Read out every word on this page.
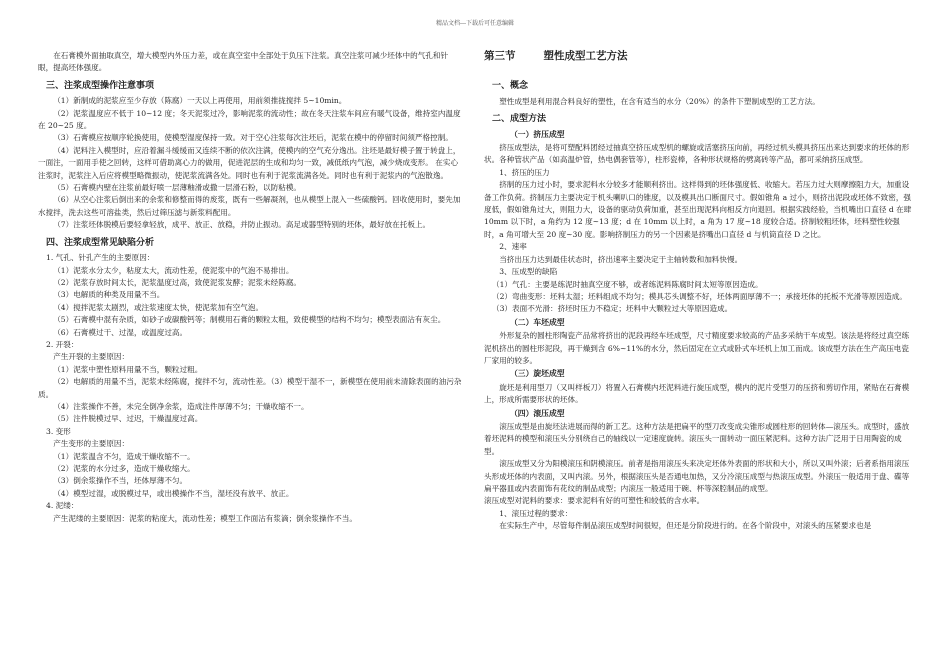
精品文档---下载后可任意编辑

在石膏模外面抽取真空，增大模型内外压力差，或在真空室中全部处于负压下注浆。真空注浆可减少坯体中的气孔和针眼，提高坯体强度。

三、注浆成型操作注意事项

（1）新制成的泥浆应至少存放（陈腐）一天以上再使用，用前须推拢搅拌 5~10min。

（2）泥浆温度应不低于 10~12 度；冬天泥浆过冷，影响泥浆的流动性；故在冬天注浆车间应有暖气设备，维持室内温度在 20~25 度。

（3）石膏模应按顺序轮换使用，使模型湿度保持一致。对于空心注浆每次注坯后，泥浆在模中的停留时间须严格控制。

（4）泥料注入模型时，应沿着漏斗缓缓而又连续不断的依次注满，使模内的空气充分逸出。注坯是最好模子置于转盘上，一面注，一面用手使之回转，这样可借助离心力的做用，促进泥层的生成和均匀一致，减低纸内气泡，减少烧成变形。 在实心注浆时，泥浆注入后应将模型略微振动，使泥浆流满各处。同时也有利于泥浆流满各处。同时也有利于泥浆内的气泡散逸。

（5）石膏模内壁在注浆前最好喷一层薄釉滑或撒一层滑石粉，以防粘模。

（6）从空心注浆后倒出来的余浆和修整而得的废浆，既有一些解凝剂，也从模型上混入一些硫酸钙。回收使用时，要先加水搅拌，洗去这些可溶盐类，然后过筛压滤与新浆料配用。

（7）注浆坯体脱模后要轻拿轻放，成平、放正、放稳，并防止振动。高足或器型特别的坯体，最好放在托板上。

四、注浆成型常见缺陷分析

1. 气孔、针孔产生的主要原因：

（1）泥浆水分太少，粘度太大，流动性差，使泥浆中的气泡不易排出。

（2）泥浆存放时间太长，泥浆温度过高，致使泥浆发酵；泥浆未经陈腐。

（3）电解质的种类及用量不当。

（4）搅拌泥浆太剧烈，或注浆速度太快，使泥浆加有空气泡。

（5）石膏模中混有杂质，如砂子或碳酸钙等；制模用石膏的颗粒太粗，致使模型的结构不均匀；模型表面沾有灰尘。

（6）石膏模过干、过湿，或温度过高。

2. 开裂：

产生开裂的主要原因：

（1）泥浆中塑性原料用量不当，颗粒过粗。

（2）电解质的用量不当，泥浆未经陈腐，搅拌不匀，流动性差。（3）模型干湿不一，新模型在使用前未清除表面的油污杂质。

（4）注浆操作不善，未完全倒净余浆，造成注件厚薄不匀；干燥收缩不一。

（5）注件脱模过早、过迟，干燥温度过高。

3. 变形

产生变形的主要原因：

（1）泥浆温含不匀，造成干燥收缩不一。

（2）泥浆的水分过多，造成干燥收缩大。

（3）倒余浆操作不当，坯体厚薄不匀。

（4）模型过湿，或脱模过早，或出模操作不当，湿坯没有放平、放正。

4. 泥缕：

产生泥缕的主要原因：泥浆的粘度大，流动性差；模型工作面沾有浆滴；倒余浆操作不当。

第三节	塑性成型工艺方法
一、概念

塑性成型是利用混合料良好的塑性，在含有适当的水分（20%）的条件下塑制成型的工艺方法。

二、成型方法
（一）挤压成型

挤压成型法，是将可塑配料团经过抽真空挤压成型机的螺旋或活塞挤压向前，再经过机头模具挤压出来达到要求的坯体的形状。各种管状产品（如高温炉管，热电偶套管等），柱形瓷棒，各种形状规格的劈离砖等产品，都可采纳挤压成型。

1、挤压的压力

挤制的压力过小时，要求泥料水分较多才能顺利挤出。这样得到的坯体强度低、收缩大。若压力过大则摩擦阻力大，加重设备工作负荷。挤制压力主要决定于机头喇叭口的锥度，以及模具出口断面尺寸。假如锥角 a 过小，则挤出泥段或坯体不致密，强度低，假如锥角过大，则阻力大，设备的驱动负荷加重，甚至出现泥料向相反方向退回。根据实践经验，当机嘴出口直径 d 在肆 10mm 以下时，a 角约为 12 度~13 度；d 在 10mm 以上时，a 角为 17 度~18 度较合适。挤制较粗坯体，坯料塑性较强时，a 角可增大至 20 度~30 度。影响挤制压力的另一个因素是挤嘴出口直径 d 与机筒直径 D 之比。

2、速率

当挤出压力达到最佳状态时，挤出速率主要决定于主轴转数和加料快慢。

3、压成型的缺陷

（1）气孔：主要是练泥时抽真空度不够，或者练泥料陈腐时间太短等原因造成。

（2）弯曲变形：坯料太湿；坯料组成不均匀；模具芯头调整不好，坯体两面厚薄不一；承接坯体的托板不光滑等原因造成。

（3）表面不光滑：挤坯时压力不稳定；坯料中大颗粒过大等原因造成。

（二）车坯成型

外形复杂的圆柱形陶瓷产品常将挤出的泥段再经车坯成型，尺寸精度要求较高的产品多采纳干车成型。该法是将经过真空练泥机挤出的圆柱形泥段，再干燥到含 6%~11%的水分，然后固定在立式或卧式车坯机上加工而成。该成型方法在生产高压电瓷厂家用的较多。

（三）旋坯成型

旋坯是利用型刀（又叫样板刀）将置入石膏模内坯泥料进行旋压成型，模内的泥片受型刀的压挤和剪切作用，紧贴在石膏模上，形成所需要形状的坯体。

（四）滚压成型

滚压成型是由旋坯法进展而得的新工艺。这种方法是把扁平的型刀改变成尖锥形或圆柱形的回转体—滚压头。成型时，盛放着坯泥料的模型和滚压头分别绕自己的轴线以一定速度旋转。滚压头一面转动一面压紧泥料。这种方法广泛用于日用陶瓷的成型。

滚压成型又分为阳模滚压和阴模滚压。前者是指用滚压头来决定坯体外表面的形状和大小，所以又叫外滚；后者系指用滚压头形成坯体的内表面，又叫内滚。另外，根据滚压头是否通电加热，又分冷滚压成型与热滚压成型。外滚压一般适用于盘、碟等扁平器皿或内表面饰有花纹的制品成型；内滚压一般适用于碗、杯等深腔制品的成型。

滚压成型对泥料的要求：要求泥料有好的可塑性和较低的含水率。

1、滚压过程的要求：

在实际生产中，尽管每件制品滚压成型时间很短，但还是分阶段进行的。在各个阶段中，对滚头的压紧要求也是
